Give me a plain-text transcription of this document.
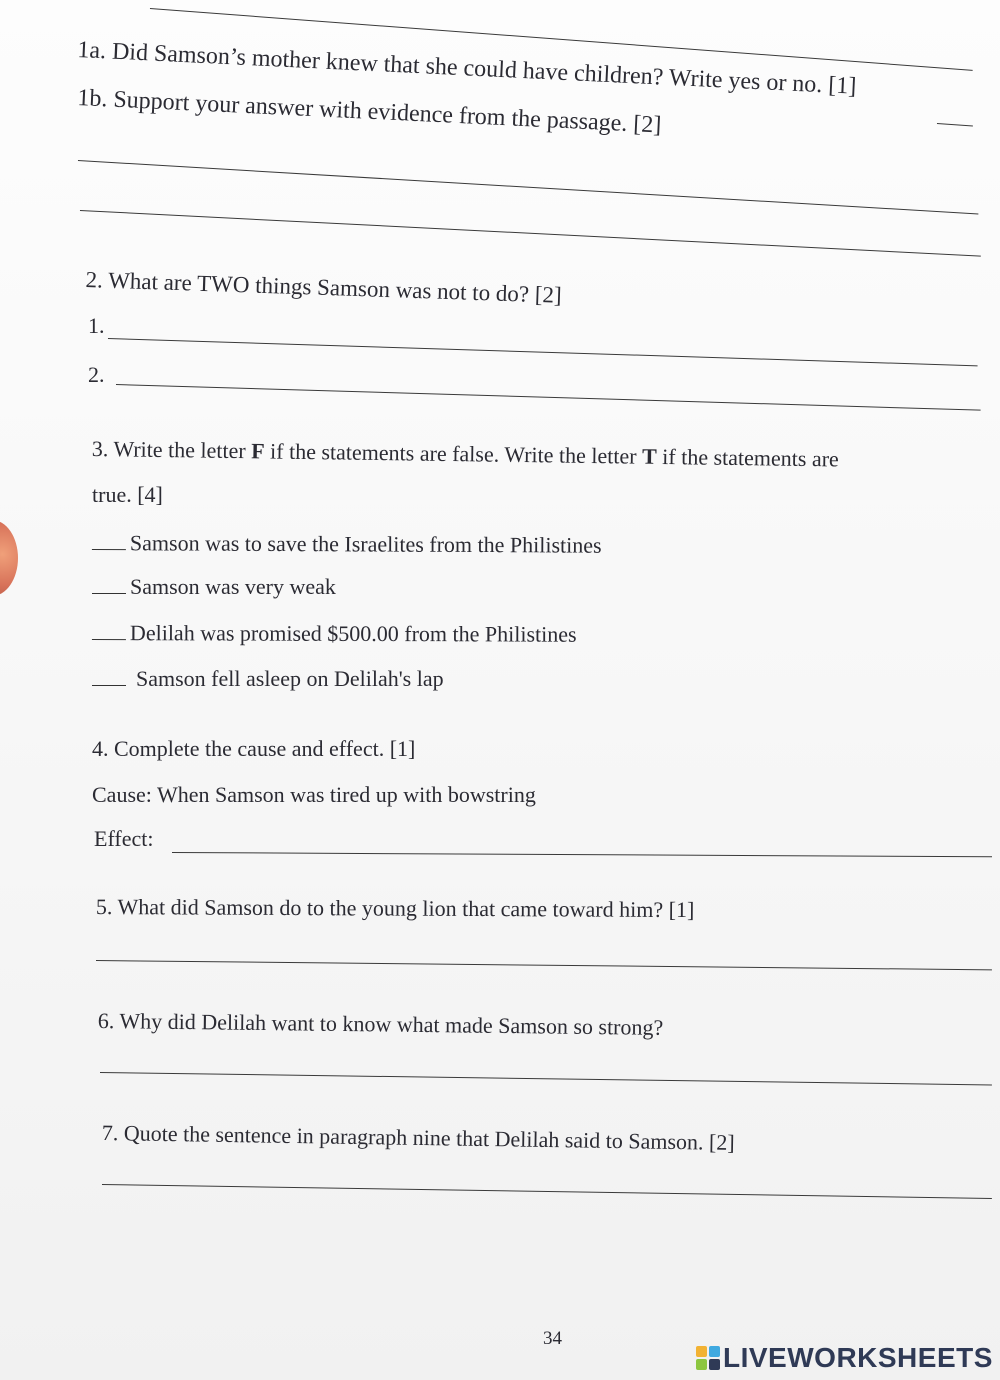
1a. Did Samson’s mother knew that she could have children? Write yes or no. [1]
1b. Support your answer with evidence from the passage. [2]
2. What are TWO things Samson was not to do? [2]
1.
2.
3. Write the letter F if the statements are false. Write the letter T if the statements are
true. [4]
Samson was to save the Israelites from the Philistines
Samson was very weak
Delilah was promised $500.00 from the Philistines
Samson fell asleep on Delilah's lap
4. Complete the cause and effect. [1]
Cause: When Samson was tired up with bowstring
Effect:
5. What did Samson do to the young lion that came toward him? [1]
6. Why did Delilah want to know what made Samson so strong?
7. Quote the sentence in paragraph nine that Delilah said to Samson. [2]
34
LIVEWORKSHEETS
